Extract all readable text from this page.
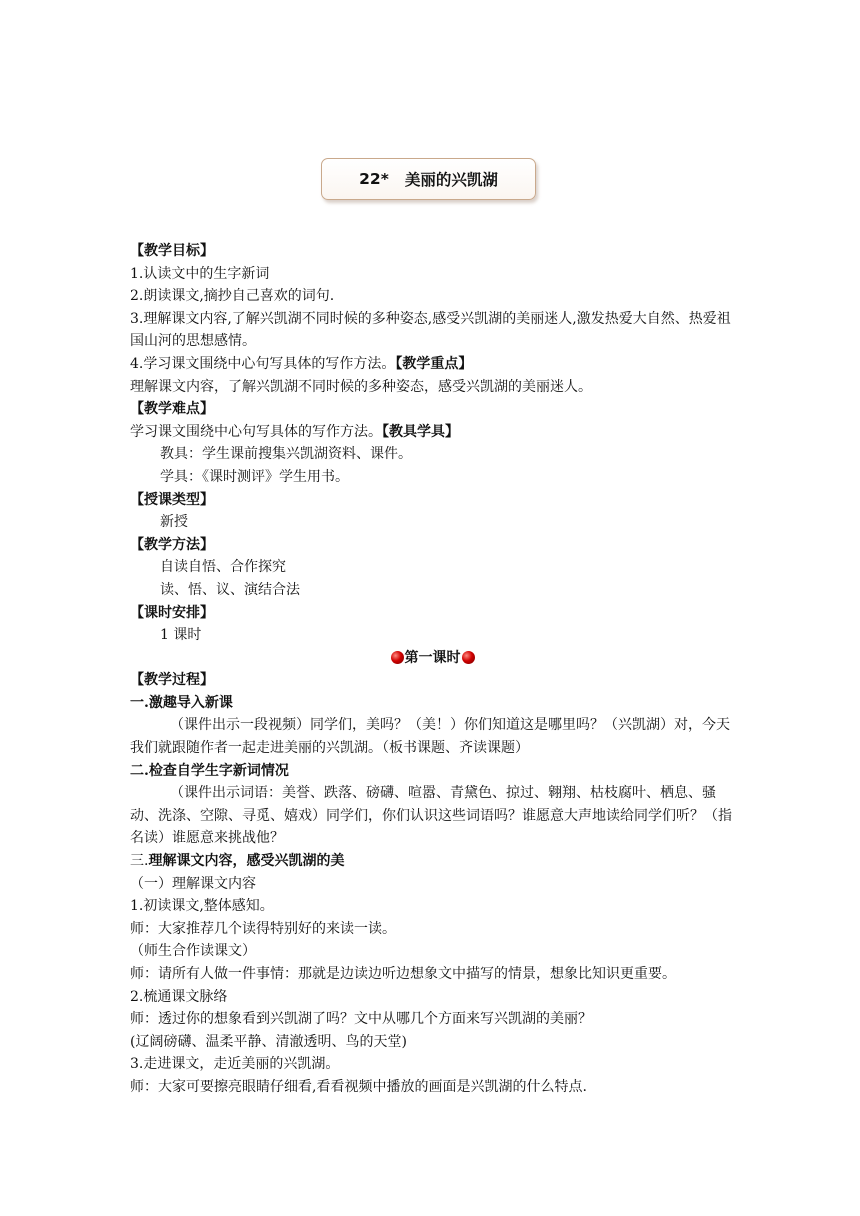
22* 美丽的兴凯湖
【教学目标】
1.认读文中的生字新词
2.朗读课文,摘抄自己喜欢的词句.
3.理解课文内容,了解兴凯湖不同时候的多种姿态,感受兴凯湖的美丽迷人,激发热爱大自然、热爱祖国山河的思想感情。
4.学习课文围绕中心句写具体的写作方法。【教学重点】
理解课文内容，了解兴凯湖不同时候的多种姿态，感受兴凯湖的美丽迷人。
【教学难点】
学习课文围绕中心句写具体的写作方法。【教具学具】
教具：学生课前搜集兴凯湖资料、课件。
学具：《课时测评》学生用书。
【授课类型】
新授
【教学方法】
自读自悟、合作探究
读、悟、议、演结合法
【课时安排】
1 课时
第一课时
【教学过程】
一.激趣导入新课
（课件出示一段视频）同学们，美吗？（美！）你们知道这是哪里吗？（兴凯湖）对，今天我们就跟随作者一起走进美丽的兴凯湖。（板书课题、齐读课题）
二.检查自学生字新词情况
（课件出示词语：美誉、跌落、磅礴、喧嚣、青黛色、掠过、翱翔、枯枝腐叶、栖息、骚动、洗涤、空隙、寻觅、嬉戏）同学们，你们认识这些词语吗？谁愿意大声地读给同学们听？（指名读）谁愿意来挑战他？
三.理解课文内容，感受兴凯湖的美
（一）理解课文内容
1.初读课文,整体感知。
师：大家推荐几个读得特别好的来读一读。
（师生合作读课文）
师：请所有人做一件事情：那就是边读边听边想象文中描写的情景，想象比知识更重要。
2.梳通课文脉络
师：透过你的想象看到兴凯湖了吗？文中从哪几个方面来写兴凯湖的美丽？
(辽阔磅礴、温柔平静、清澈透明、鸟的天堂)
3.走进课文，走近美丽的兴凯湖。
师：大家可要擦亮眼睛仔细看,看看视频中播放的画面是兴凯湖的什么特点.
